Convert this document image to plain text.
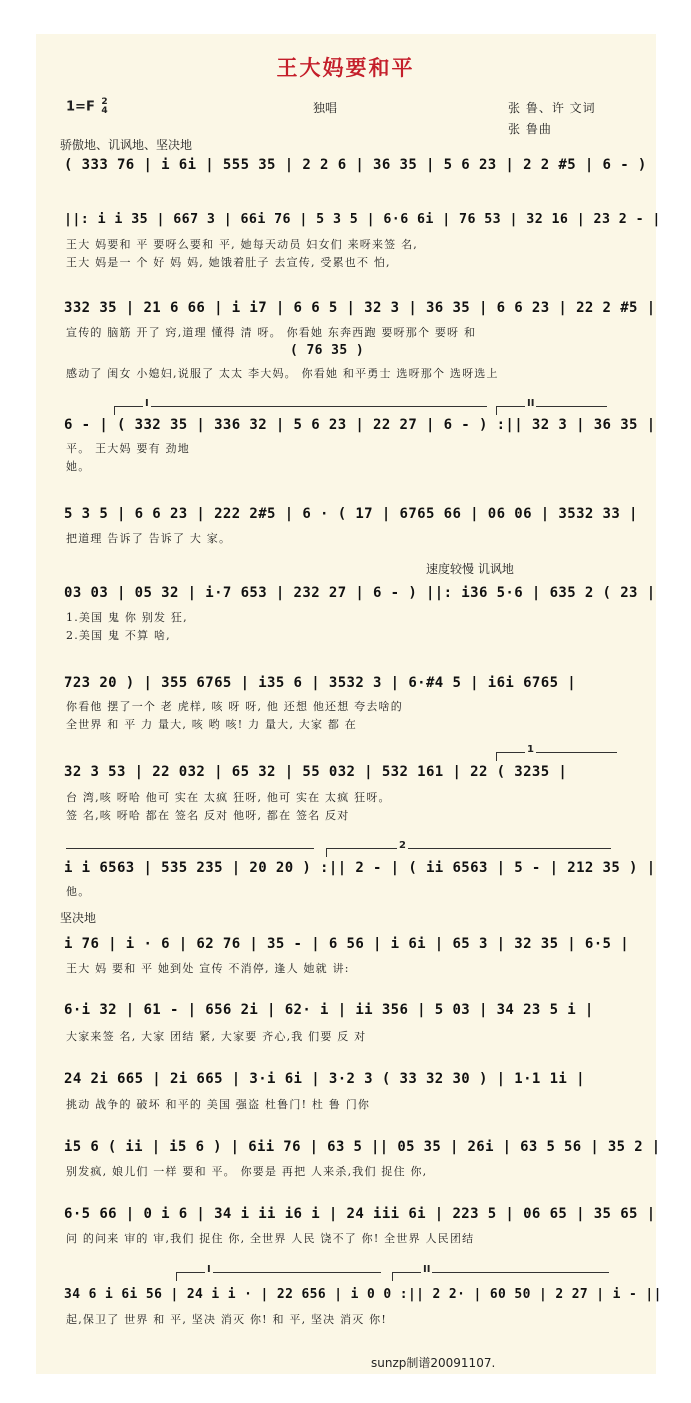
王大妈要和平
1=F 2
4	独唱	张 鲁、许 文词
张 鲁曲
骄傲地、讥讽地、坚决地
( 333 76 | i 6i | 555 35 | 2 2 6 | 36 35 | 5 6 23 | 2 2 #5 | 6 - )
||: i i 35 | 667 3 | 66i 76 | 5 3 5 | 6·6 6i | 76 53 | 32 16 | 23 2 - |
王大 妈要和 平 要呀么要和 平, 她每天动员 妇女们 来呀来签 名,
王大 妈是一 个 好 妈 妈, 她饿着肚子 去宣传, 受累也不 怕,
332 35 | 21 6 66 | i i7 | 6 6 5 | 32 3 | 36 35 | 6 6 23 | 22 2 #5 |
宣传的 脑筋 开了 窍,道理 懂得 清 呀。 你看她 东奔西跑 要呀那个 要呀 和
( 76 35 )
感动了 闺女 小媳妇,说服了 太太 李大妈。 你看她 和平勇士 选呀那个 选呀选上
I	II
6 - | ( 332 35 | 336 32 | 5 6 23 | 22 27 | 6 - ) :|| 32 3 | 36 35 |
平。 王大妈 要有 劲地
她。
5 3 5 | 6 6 23 | 222 2#5 | 6 · ( 17 | 6765 66 | 06 06 | 3532 33 |
把道理 告诉了 告诉了 大 家。
速度较慢 讥讽地
03 03 | 05 32 | i·7 653 | 232 27 | 6 - ) ||: i36 5·6 | 635 2 ( 23 |
1.美国 鬼 你 别发 狂,
2.美国 鬼 不算 啥,
723 20 ) | 355 6765 | i35 6 | 3532 3 | 6·#4 5 | i6i 6765 |
你看他 摆了一个 老 虎样, 咳 呀 呀, 他 还想 他还想 夸去啥的
全世界 和 平 力 量大, 咳 哟 咳! 力 量大, 大家 都 在
1
32 3 53 | 22 032 | 65 32 | 55 032 | 532 161 | 22 ( 3235 |
台 湾,咳 呀哈 他可 实在 太疯 狂呀, 他可 实在 太疯 狂呀。
签 名,咳 呀哈 都在 签名 反对 他呀, 都在 签名 反对
2
i i 6563 | 535 235 | 20 20 ) :|| 2 - | ( ii 6563 | 5 - | 212 35 ) |
他。
坚决地
i 76 | i · 6 | 62 76 | 35 - | 6 56 | i 6i | 65 3 | 32 35 | 6·5 |
王大 妈 要和 平 她到处 宣传 不消停, 逢人 她就 讲:
6·i 32 | 61 - | 656 2i | 62· i | ii 356 | 5 03 | 34 23 5 i |
大家来签 名, 大家 团结 紧, 大家要 齐心,我 们要 反 对
24 2i 665 | 2i 665 | 3·i 6i | 3·2 3 ( 33 32 30 ) | 1·1 1i |
挑动 战争的 破坏 和平的 美国 强盗 杜鲁门! 杜 鲁 门你
i5 6 ( ii | i5 6 ) | 6ii 76 | 63 5 || 05 35 | 26i | 63 5 56 | 35 2 |
别发疯, 娘儿们 一样 要和 平。 你要是 再把 人来杀,我们 捉住 你,
6·5 66 | 0 i 6 | 34 i ii i6 i | 24 iii 6i | 223 5 | 06 65 | 35 65 |
问 的问来 审的 审,我们 捉住 你, 全世界 人民 饶不了 你! 全世界 人民团结
I	II
34 6 i 6i 56 | 24 i i · | 22 656 | i 0 0 :|| 2 2· | 60 50 | 2 27 | i - ||
起,保卫了 世界 和 平, 坚决 消灭 你! 和 平, 坚决 消灭 你!
sunzp制谱20091107.
